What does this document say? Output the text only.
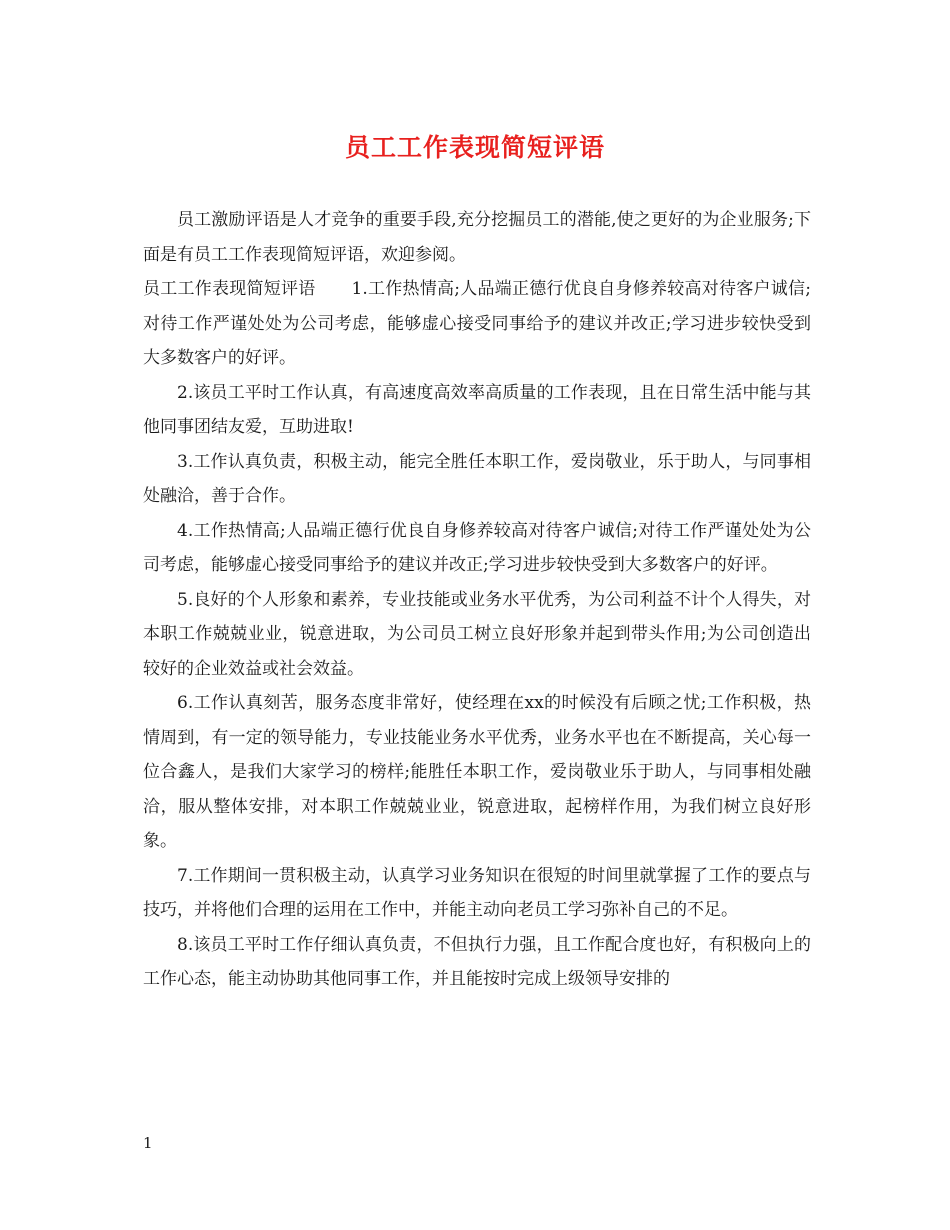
员工工作表现简短评语

员工激励评语是人才竞争的重要手段,充分挖掘员工的潜能,使之更好的为企业服务;下面是有员工工作表现简短评语，欢迎参阅。

员工工作表现简短评语 1.工作热情高;人品端正德行优良自身修养较高对待客户诚信;对待工作严谨处处为公司考虑，能够虚心接受同事给予的建议并改正;学习进步较快受到大多数客户的好评。

2.该员工平时工作认真，有高速度高效率高质量的工作表现，且在日常生活中能与其他同事团结友爱，互助进取!

3.工作认真负责，积极主动，能完全胜任本职工作，爱岗敬业，乐于助人，与同事相处融洽，善于合作。

4.工作热情高;人品端正德行优良自身修养较高对待客户诚信;对待工作严谨处处为公司考虑，能够虚心接受同事给予的建议并改正;学习进步较快受到大多数客户的好评。

5.良好的个人形象和素养，专业技能或业务水平优秀，为公司利益不计个人得失，对本职工作兢兢业业，锐意进取，为公司员工树立良好形象并起到带头作用;为公司创造出较好的企业效益或社会效益。

6.工作认真刻苦，服务态度非常好，使经理在xx的时候没有后顾之忧;工作积极，热情周到，有一定的领导能力，专业技能业务水平优秀，业务水平也在不断提高，关心每一位合鑫人，是我们大家学习的榜样;能胜任本职工作，爱岗敬业乐于助人，与同事相处融洽，服从整体安排，对本职工作兢兢业业，锐意进取，起榜样作用，为我们树立良好形象。

7.工作期间一贯积极主动，认真学习业务知识在很短的时间里就掌握了工作的要点与技巧，并将他们合理的运用在工作中，并能主动向老员工学习弥补自己的不足。

8.该员工平时工作仔细认真负责，不但执行力强，且工作配合度也好，有积极向上的工作心态，能主动协助其他同事工作，并且能按时完成上级领导安排的

1
